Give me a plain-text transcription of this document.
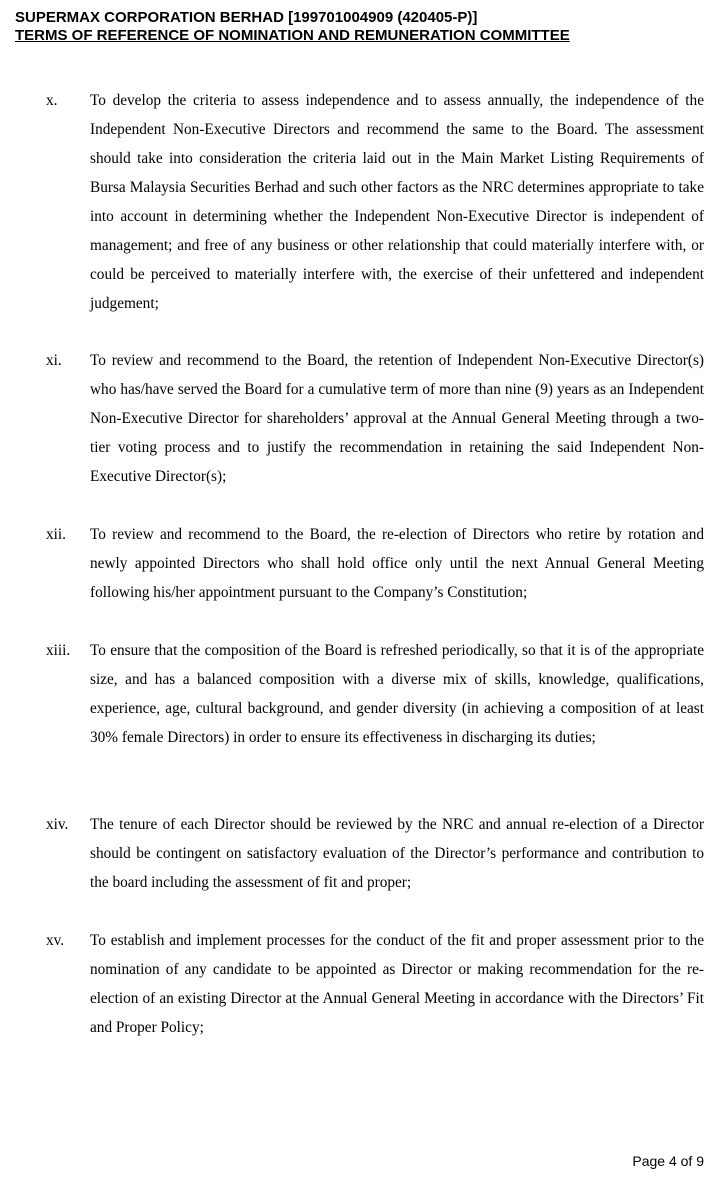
SUPERMAX CORPORATION BERHAD [199701004909 (420405-P)]
TERMS OF REFERENCE OF NOMINATION AND REMUNERATION COMMITTEE
x. To develop the criteria to assess independence and to assess annually, the independence of the Independent Non-Executive Directors and recommend the same to the Board. The assessment should take into consideration the criteria laid out in the Main Market Listing Requirements of Bursa Malaysia Securities Berhad and such other factors as the NRC determines appropriate to take into account in determining whether the Independent Non-Executive Director is independent of management; and free of any business or other relationship that could materially interfere with, or could be perceived to materially interfere with, the exercise of their unfettered and independent judgement;
xi. To review and recommend to the Board, the retention of Independent Non-Executive Director(s) who has/have served the Board for a cumulative term of more than nine (9) years as an Independent Non-Executive Director for shareholders’ approval at the Annual General Meeting through a two-tier voting process and to justify the recommendation in retaining the said Independent Non-Executive Director(s);
xii. To review and recommend to the Board, the re-election of Directors who retire by rotation and newly appointed Directors who shall hold office only until the next Annual General Meeting following his/her appointment pursuant to the Company’s Constitution;
xiii. To ensure that the composition of the Board is refreshed periodically, so that it is of the appropriate size, and has a balanced composition with a diverse mix of skills, knowledge, qualifications, experience, age, cultural background, and gender diversity (in achieving a composition of at least 30% female Directors) in order to ensure its effectiveness in discharging its duties;
xiv. The tenure of each Director should be reviewed by the NRC and annual re-election of a Director should be contingent on satisfactory evaluation of the Director’s performance and contribution to the board including the assessment of fit and proper;
xv. To establish and implement processes for the conduct of the fit and proper assessment prior to the nomination of any candidate to be appointed as Director or making recommendation for the re-election of an existing Director at the Annual General Meeting in accordance with the Directors’ Fit and Proper Policy;
Page 4 of 9
